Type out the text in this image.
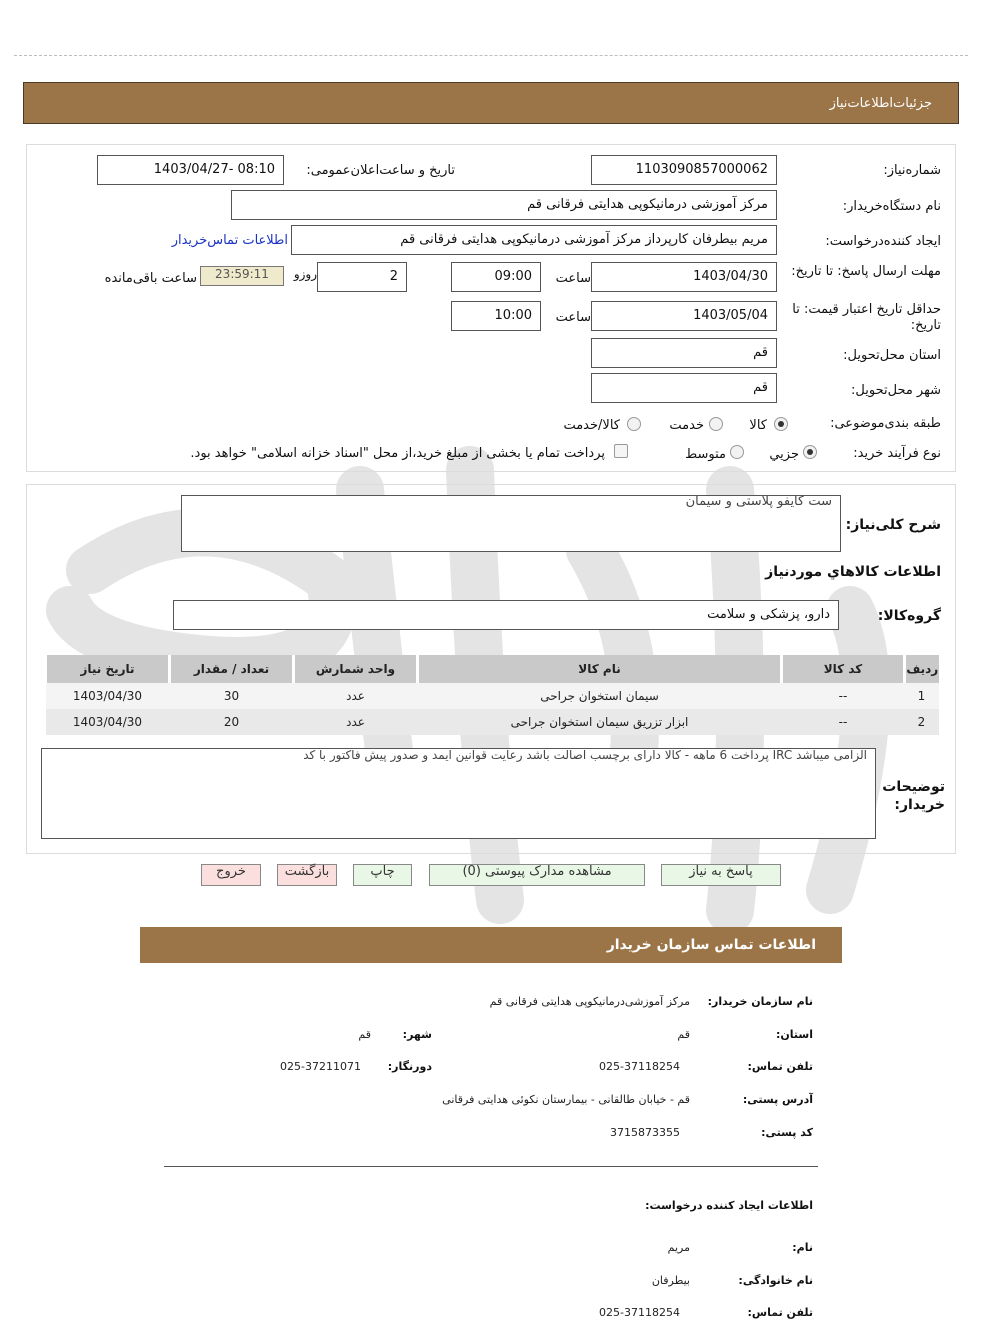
جزئیات‌اطلاعات‌نیاز
شماره‌نیاز:
1103090857000062
تاریخ و ساعت‌اعلان‌عمومی:
1403/04/27- 08:10
نام دستگاه‌خریدار:
مرکز آموزشی درمانیکوپی هدایتی فرقانی قم
ایجاد کننده‌درخواست:
مریم بیطرفان کارپرداز مرکز آموزشی درمانیکوپی هدایتی فرقانی قم
اطلاعات تماس‌خریدار
مهلت ارسال پاسخ: تا تاریخ:
1403/04/30
ساعت
09:00
2
روزو
23:59:11
ساعت باقی‌مانده
حداقل تاریخ اعتبار قیمت: تا تاریخ:
1403/05/04
ساعت
10:00
استان محل‌تحویل:
قم
شهر محل‌تحویل:
قم
طبقه بندی‌موضوعی:
کالا
خدمت
کالا/خدمت
نوع فرآیند خرید:
جزیي
متوسط
پرداخت تمام یا بخشی از مبلغ خرید،از محل "اسناد خزانه اسلامی" خواهد بود.
شرح کلی‌نیاز:
ست کایفو پلاستی و سیمان
اطلاعات کالاهاي مورد‌نياز
گروه‌کالا:
دارو، پزشکی و سلامت
ردیف	کد کالا	نام کالا	واحد شمارش	تعداد / مقدار	تاریخ نیاز
1	--	سیمان استخوان جراحی	عدد	30	1403/04/30
2	--	ابزار تزریق سیمان استخوان جراحی	عدد	20	1403/04/30
توضیحات خریدار:
الزامی میباشد IRC پرداخت 6 ماهه - کالا دارای برچسب اصالت باشد رعایت قوانین ایمد و صدور پیش فاکتور با کد
پاسخ به نیاز
مشاهده مدارک پیوستی (0)
چاپ
بازگشت
خروج
اطلاعات تماس سازمان خریدار
نام سازمان خریدار:
مرکز آموزشی‌درمانیکوپی هدایتی فرقانی قم
استان:
قم
شهر:
قم
تلفن تماس:
025-37118254
دورنگار:
025-37211071
آدرس پستی:
قم - خیابان طالقانی - بیمارستان نکوئی هدایتی فرقانی
کد پستی:
3715873355
اطلاعات ایجاد کننده درخواست:
نام:
مریم
نام خانوادگی:
بیطرفان
تلفن تماس:
025-37118254
